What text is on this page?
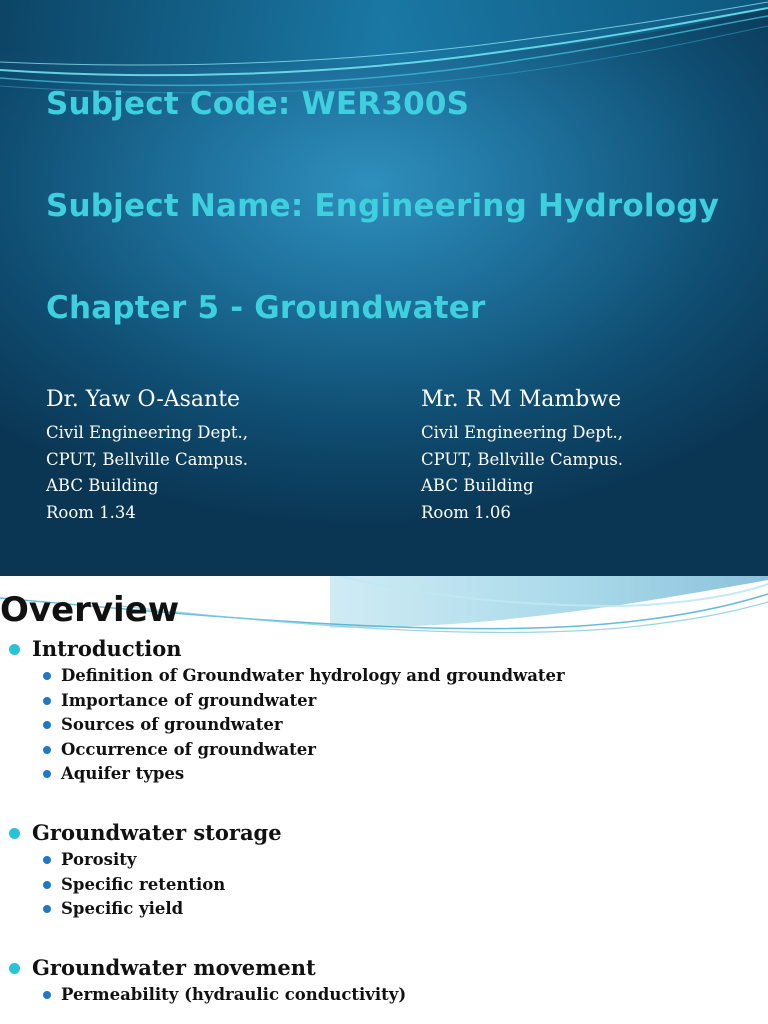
Subject Code: WER300S
Subject Name: Engineering Hydrology
Chapter 5 - Groundwater
Dr. Yaw O-Asante
Civil Engineering Dept.,
CPUT, Bellville Campus.
ABC Building
Room 1.34
Mr. R M Mambwe
Civil Engineering Dept.,
CPUT, Bellville Campus.
ABC Building
Room 1.06
Overview
Introduction
Definition of Groundwater hydrology and groundwater
Importance of groundwater
Sources of groundwater
Occurrence of groundwater
Aquifer types
Groundwater storage
Porosity
Specific retention
Specific yield
Groundwater movement
Permeability (hydraulic conductivity)
